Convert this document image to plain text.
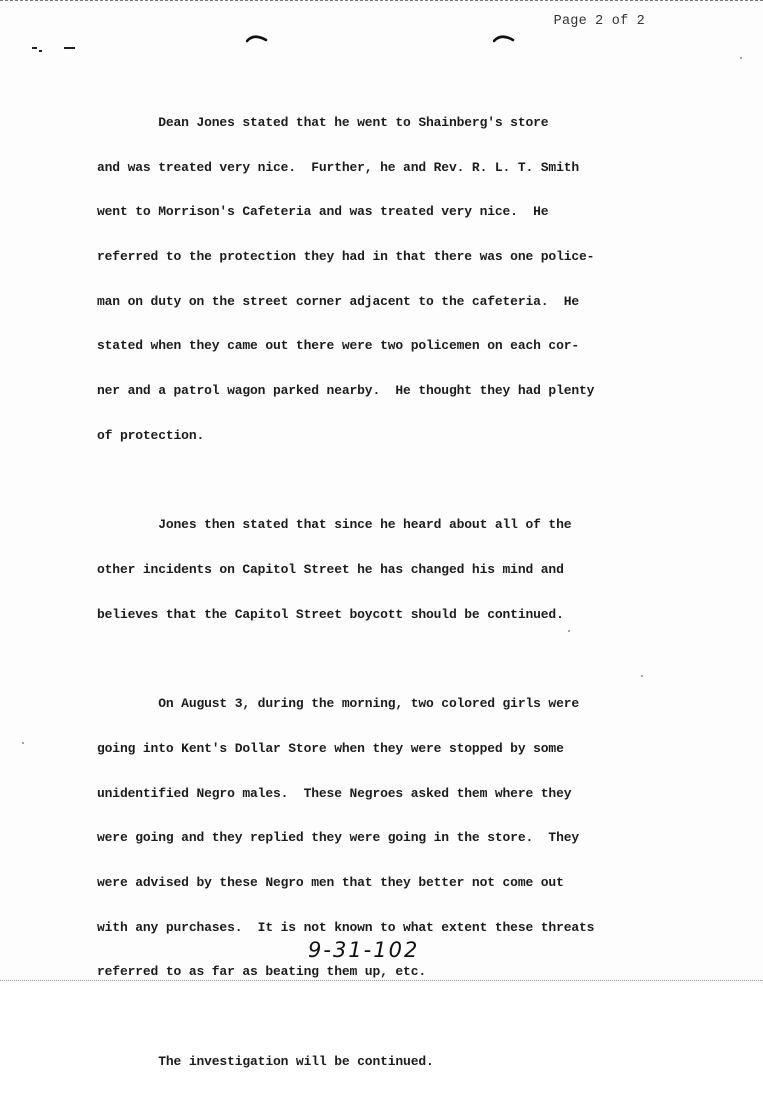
Page 2 of 2

Dean Jones stated that he went to Shainberg's store

and was treated very nice.  Further, he and Rev. R. L. T. Smith

went to Morrison's Cafeteria and was treated very nice.  He

referred to the protection they had in that there was one police-

man on duty on the street corner adjacent to the cafeteria.  He

stated when they came out there were two policemen on each cor-

ner and a patrol wagon parked nearby.  He thought they had plenty

of protection.

Jones then stated that since he heard about all of the

other incidents on Capitol Street he has changed his mind and

believes that the Capitol Street boycott should be continued.

On August 3, during the morning, two colored girls were

going into Kent's Dollar Store when they were stopped by some

unidentified Negro males.  These Negroes asked them where they

were going and they replied they were going in the store.  They

were advised by these Negro men that they better not come out

with any purchases.  It is not known to what extent these threats

referred to as far as beating them up, etc.

The investigation will be continued.

9-31-102
